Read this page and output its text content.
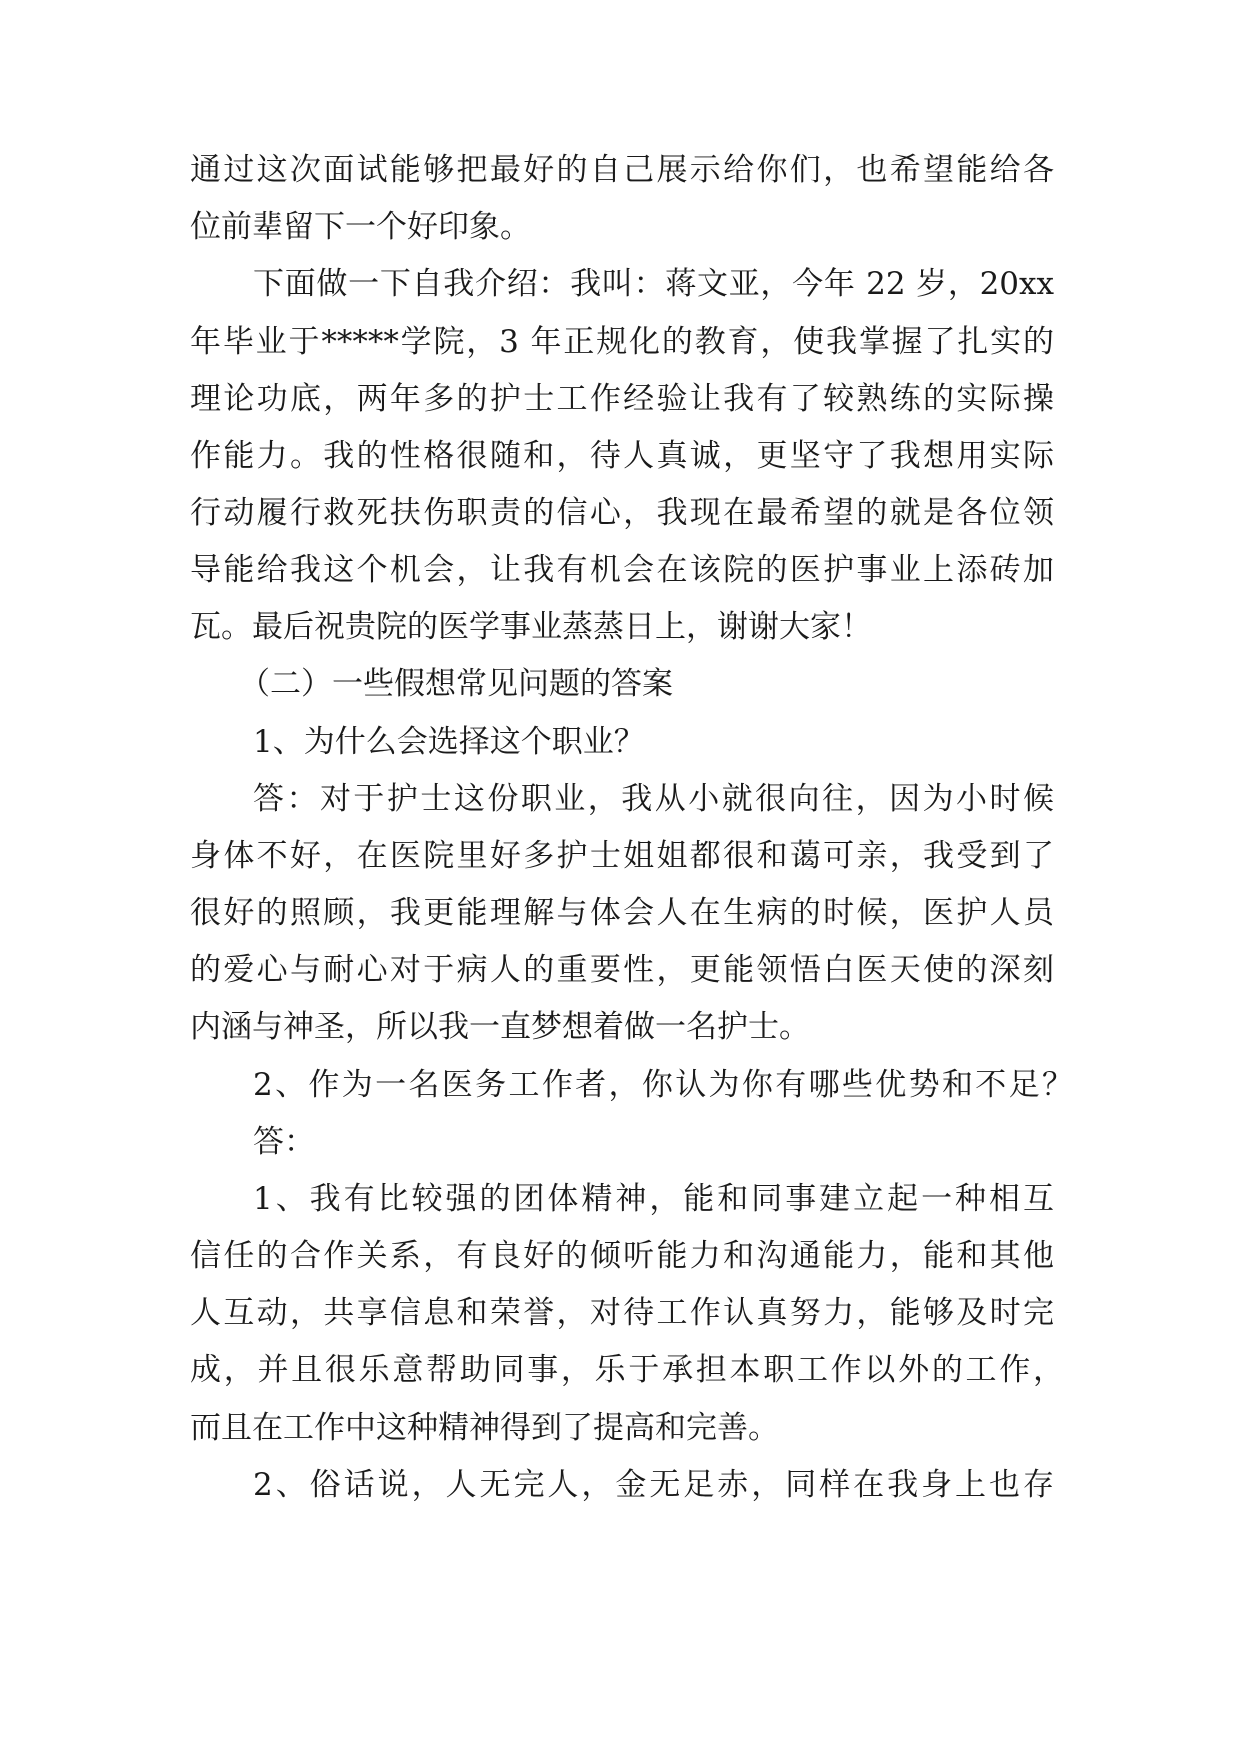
通过这次面试能够把最好的自己展示给你们，也希望能给各
位前辈留下一个好印象。
下面做一下自我介绍：我叫：蒋文亚，今年 22 岁，20xx
年毕业于*****学院，3 年正规化的教育，使我掌握了扎实的
理论功底，两年多的护士工作经验让我有了较熟练的实际操
作能力。我的性格很随和，待人真诚，更坚守了我想用实际
行动履行救死扶伤职责的信心，我现在最希望的就是各位领
导能给我这个机会，让我有机会在该院的医护事业上添砖加
瓦。最后祝贵院的医学事业蒸蒸日上，谢谢大家！
（二）一些假想常见问题的答案
1、为什么会选择这个职业？
答：对于护士这份职业，我从小就很向往，因为小时候
身体不好，在医院里好多护士姐姐都很和蔼可亲，我受到了
很好的照顾，我更能理解与体会人在生病的时候，医护人员
的爱心与耐心对于病人的重要性，更能领悟白医天使的深刻
内涵与神圣，所以我一直梦想着做一名护士。
2、作为一名医务工作者，你认为你有哪些优势和不足？
答：
1、我有比较强的团体精神，能和同事建立起一种相互
信任的合作关系，有良好的倾听能力和沟通能力，能和其他
人互动，共享信息和荣誉，对待工作认真努力，能够及时完
成，并且很乐意帮助同事，乐于承担本职工作以外的工作，
而且在工作中这种精神得到了提高和完善。
2、俗话说，人无完人，金无足赤，同样在我身上也存
